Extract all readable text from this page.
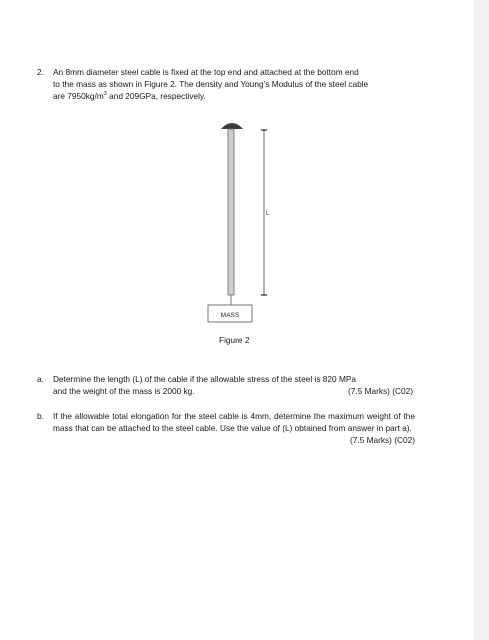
2. An 8mm diameter steel cable is fixed at the top end and attached at the bottom end
to the mass as shown in Figure 2. The density and Young’s Modulus of the steel cable
are $7950kg/m^3$ and 209GPa, respectively.
L
MASS
Figure 2
a. Determine the length (L) of the cable if the allowable stress of the steel is 820 MPa
and the weight of the mass is 2000 kg.	(7.5 Marks) (C02)
b. If the allowable total elongation for the steel cable is 4mm, determine the maximum weight of the mass that can be attached to the steel cable. Use the value of (L) obtained from answer in part a).
(7.5 Marks) (C02)
